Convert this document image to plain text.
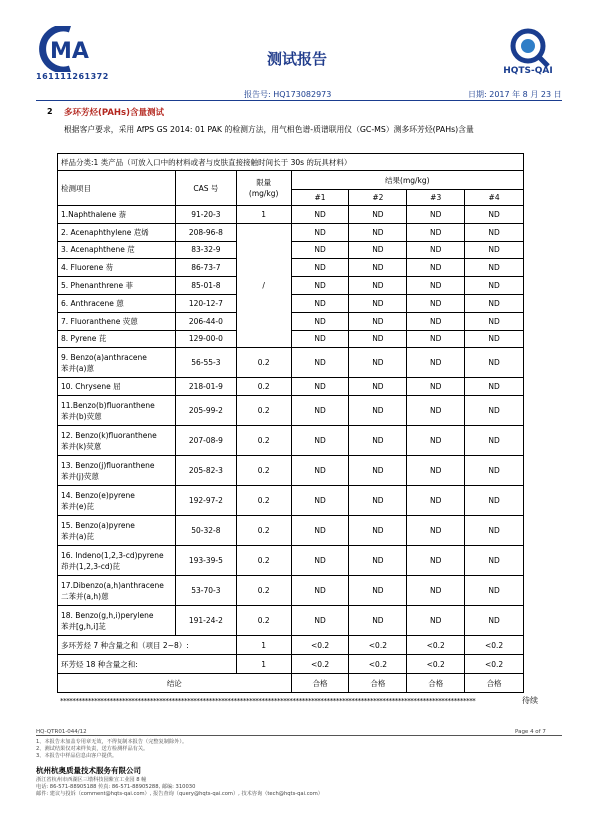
MA
161111261372
测试报告
HQTS-QAI
报告号: HQ173082973	日期: 2017 年 8 月 23 日
2 多环芳烃(PAHs)含量测试
根据客户要求，采用 AfPS GS 2014: 01 PAK 的检测方法，用气相色谱-质谱联用仪（GC-MS）测多环芳烃(PAHs)含量
样品分类:1 类产品（可放入口中的材料或者与皮肤直接接触时间长于 30s 的玩具材料）						
检测项目	CAS 号	限量
(mg/kg)	结果(mg/kg)			
			#1	#2	#3	#4

1.Naphthalene 萘	91-20-3	1	ND	ND	ND	ND

2. Acenaphthylene 苊烯	208-96-8	/	ND	ND	ND	ND

3. Acenaphthene 苊	83-32-9		ND	ND	ND	ND

4. Fluorene 芴	86-73-7		ND	ND	ND	ND

5. Phenanthrene 菲	85-01-8		ND	ND	ND	ND

6. Anthracene 蒽	120-12-7		ND	ND	ND	ND

7. Fluoranthene 荧蒽	206-44-0		ND	ND	ND	ND

8. Pyrene 芘	129-00-0		ND	ND	ND	ND

9. Benzo(a)anthracene
苯并(a)蒽	56-55-3	0.2	ND	ND	ND	ND

10. Chrysene 屈	218-01-9	0.2	ND	ND	ND	ND

11.Benzo(b)fluoranthene
苯并(b)荧蒽	205-99-2	0.2	ND	ND	ND	ND

12. Benzo(k)fluoranthene
苯并(k)荧蒽	207-08-9	0.2	ND	ND	ND	ND

13. Benzo(j)fluoranthene
苯并(j)荧蒽	205-82-3	0.2	ND	ND	ND	ND

14. Benzo(e)pyrene
苯并(e)芘	192-97-2	0.2	ND	ND	ND	ND

15. Benzo(a)pyrene
苯并(a)芘	50-32-8	0.2	ND	ND	ND	ND

16. Indeno(1,2,3-cd)pyrene
茚并(1,2,3-cd)芘	193-39-5	0.2	ND	ND	ND	ND

17.Dibenzo(a,h)anthracene
二苯并(a,h)蒽	53-70-3	0.2	ND	ND	ND	ND

18. Benzo(g,h,i)perylene
苯并[g,h,i]苝	191-24-2	0.2	ND	ND	ND	ND
多环芳烃 7 种含量之和（项目 2~8）:		1	<0.2	<0.2	<0.2	<0.2
环芳烃 18 种含量之和:		1	<0.2	<0.2	<0.2	<0.2
结论			合格	合格	合格	合格
**************************************************************************************************************************************	待续
HQ-QTR01-044/12	Page 4 of 7
1、本报告未加盖专用章无效，不得复制本报告（完整复制除外）。
2、测试结果仅对来样负责，送方检测样品有关。
3、本报告中样品信息由客户提供。
杭州杭奥质量技术服务有限公司
浙江省杭州市西湖区三墩科技园紫宣工业园 8 幢
电话: 86-571-88905188 传真: 86-571-88905288, 邮编: 310030
邮件: 建议与投诉（comment@hqts-qai.com）, 报告查询（query@hqts-qai.com）, 技术咨询（tech@hqts-qai.com）
